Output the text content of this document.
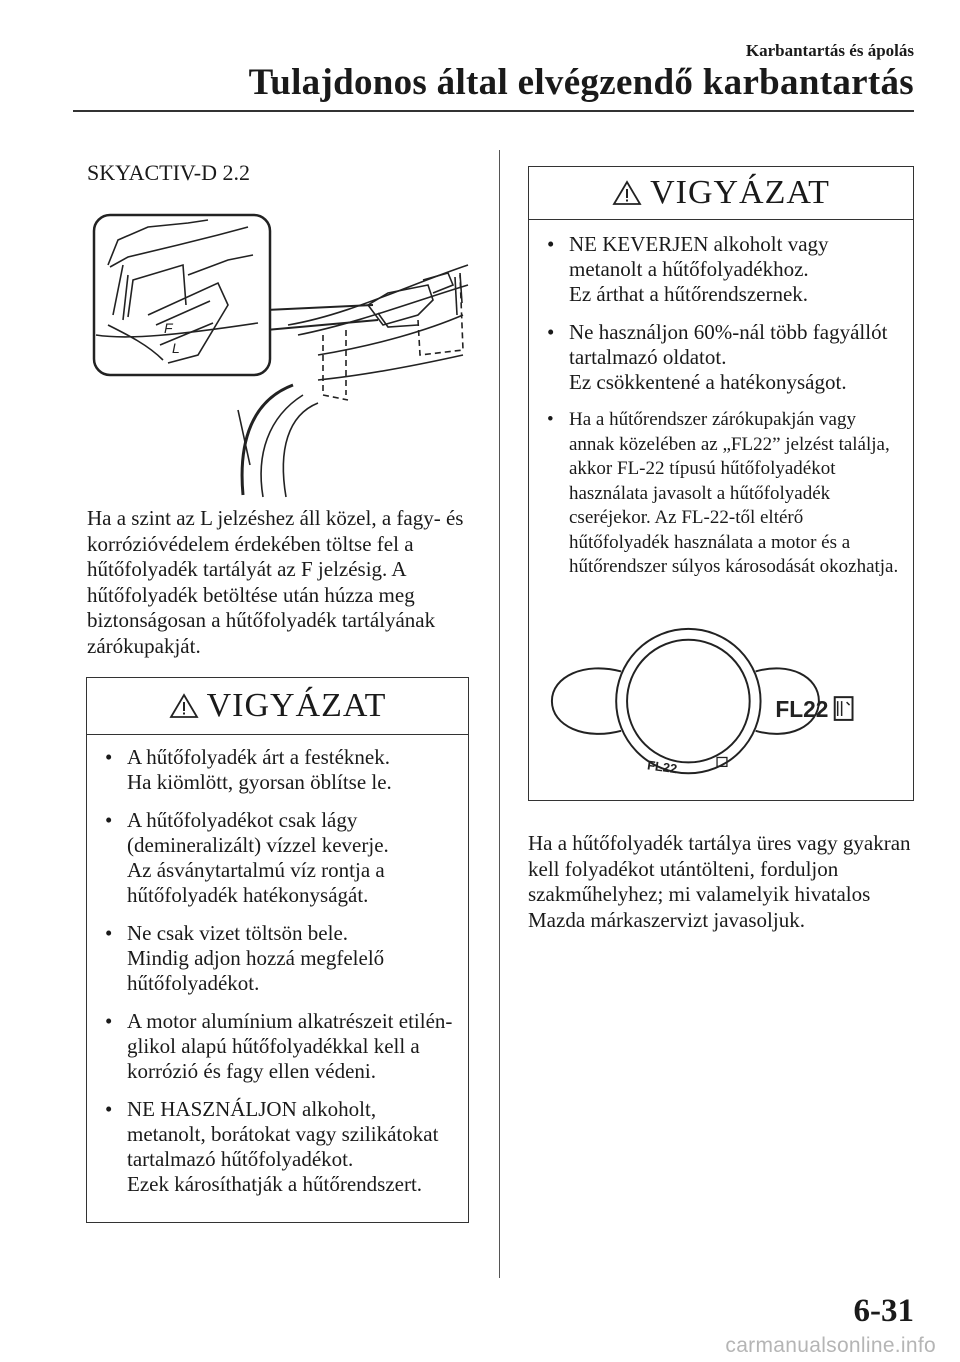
Karbantartás és ápolás
Tulajdonos által elvégzendő karbantartás
SKYACTIV-D 2.2
F
L

Ha a szint az L jelzéshez áll közel, a fagy- és korrózióvédelem érdekében töltse fel a hűtőfolyadék tartályát az F jelzésig. A hűtőfolyadék betöltése után húzza meg biztonságosan a hűtőfolyadék tartályának zárókupakját.

VIGYÁZAT
• A hűtőfolyadék árt a festéknek.
Ha kiömlött, gyorsan öblítse le.
• A hűtőfolyadékot csak lágy (demineralizált) vízzel keverje.
Az ásványtartalmú víz rontja a hűtőfolyadék hatékonyságát.
• Ne csak vizet töltsön bele.
Mindig adjon hozzá megfelelő hűtőfolyadékot.
• A motor alumínium alkatrészeit etilén-glikol alapú hűtőfolyadékkal kell a korrózió és fagy ellen védeni.
• NE HASZNÁLJON alkoholt, metanolt, borátokat vagy szilikátokat tartalmazó hűtőfolyadékot.
Ezek károsíthatják a hűtőrendszert.
VIGYÁZAT
• NE KEVERJEN alkoholt vagy metanolt a hűtőfolyadékhoz.
Ez árthat a hűtőrendszernek.
• Ne használjon 60%-nál több fagyállót tartalmazó oldatot.
Ez csökkentené a hatékonyságot.
• Ha a hűtőrendszer zárókupakján vagy annak közelében az „FL22” jelzést találja, akkor FL-22 típusú hűtőfolyadékot használata javasolt a hűtőfolyadék cseréjekor. Az FL-22-től eltérő hűtőfolyadék használata a motor és a hűtőrendszer súlyos károsodását okozhatja.
FL22
FL22

Ha a hűtőfolyadék tartálya üres vagy gyakran kell folyadékot utántölteni, forduljon szakműhelyhez; mi valamelyik hivatalos Mazda márkaszervizt javasoljuk.

6-31
carmanualsonline.info
